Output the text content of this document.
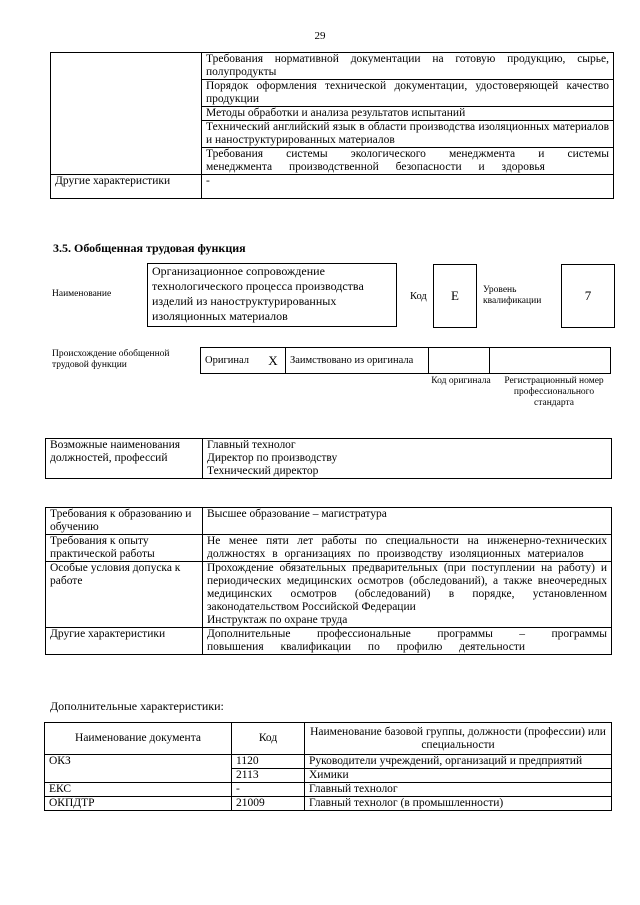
29
	Требования нормативной документации на готовую продукцию, сырье, полупродукты
	Порядок оформления технической документации, удостоверяющей качество продукции
	Методы обработки и анализа результатов испытаний
	Технический английский язык в области производства изоляционных материалов и наноструктурированных материалов
	Требования системы экологического менеджмента и системы менеджмента производственной безопасности и здоровья
Другие характеристики	-
3.5. Обобщенная трудовая функция
Наименование
Организационное сопровождение технологического процесса производства изделий из наноструктурированных изоляционных материалов
Код	E	Уровень квалификации	7
Происхождение обобщенной трудовой функции	Оригинал	X	Заимствовано из оригинала		
Код оригинала	Регистрационный номер профессионального стандарта
Возможные наименования должностей, профессий	
Главный технолог
Директор по производству
Технический директор
Требования к образованию и обучению	Высшее образование – магистратура
Требования к опыту практической работы	Не менее пяти лет работы по специальности на инженерно-технических должностях в организациях по производству изоляционных материалов
Особые условия допуска к работе	Прохождение обязательных предварительных (при поступлении на работу) и периодических медицинских осмотров (обследований), а также внеочередных медицинских осмотров (обследований) в порядке, установленном законодательством Российской Федерации
Инструктаж по охране труда

Другие характеристики	Дополнительные профессиональные программы – программы повышения квалификации по профилю деятельности
Дополнительные характеристики:
Наименование документа	Код	Наименование базовой группы, должности (профессии) или специальности
ОКЗ	1120	Руководители учреждений, организаций и предприятий
	2113	Химики
ЕКС	-	Главный технолог
ОКПДТР	21009	Главный технолог (в промышленности)
